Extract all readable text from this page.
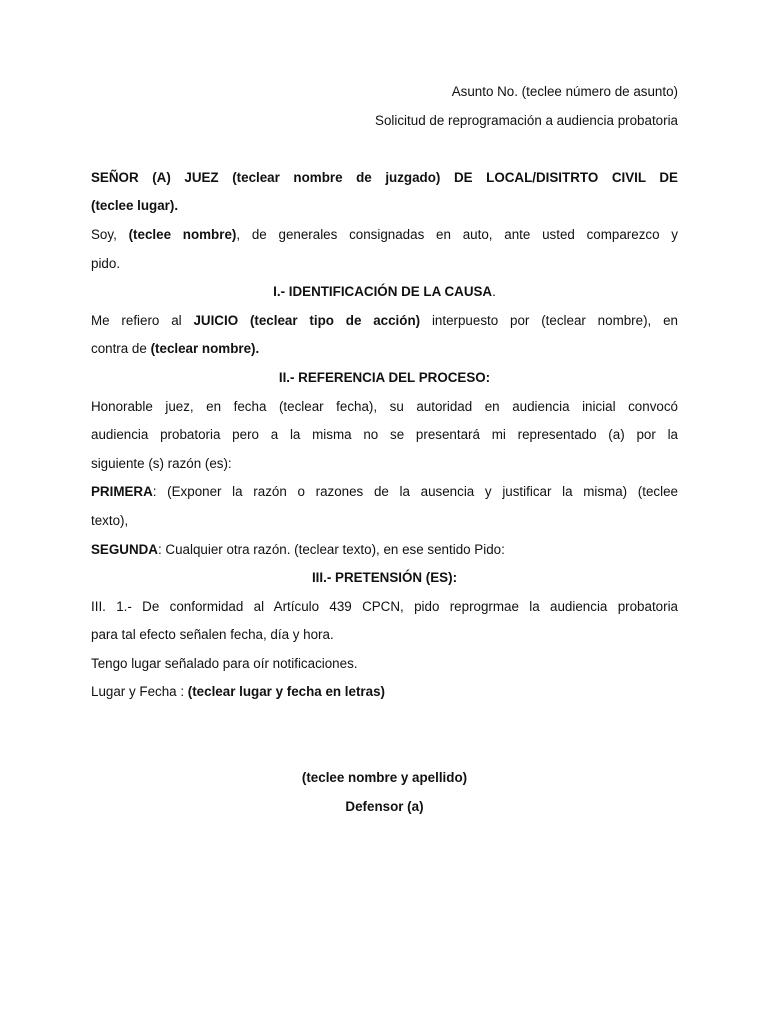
Asunto No. (teclee número de asunto)

Solicitud de reprogramación a audiencia probatoria

SEÑOR (A) JUEZ (teclear nombre de juzgado) DE LOCAL/DISITRTO CIVIL DE

(teclee lugar).

Soy, (teclee nombre), de generales consignadas en auto, ante usted comparezco y

pido.

I.- IDENTIFICACIÓN DE LA CAUSA.

Me refiero al JUICIO (teclear tipo de acción) interpuesto por (teclear nombre), en

contra de (teclear nombre).

II.- REFERENCIA DEL PROCESO:

Honorable juez, en fecha (teclear fecha), su autoridad en audiencia inicial convocó

audiencia probatoria pero a la misma no se presentará mi representado (a) por la

siguiente (s) razón (es):

PRIMERA: (Exponer la razón o razones de la ausencia y justificar la misma) (teclee

texto),

SEGUNDA: Cualquier otra razón. (teclear texto), en ese sentido Pido:

III.- PRETENSIÓN (ES):

III. 1.- De conformidad al Artículo 439 CPCN, pido reprogrmae la audiencia probatoria

para tal efecto señalen fecha, día y hora.

Tengo lugar señalado para oír notificaciones.

Lugar y Fecha : (teclear lugar y fecha en letras)

(teclee nombre y apellido)

Defensor (a)
